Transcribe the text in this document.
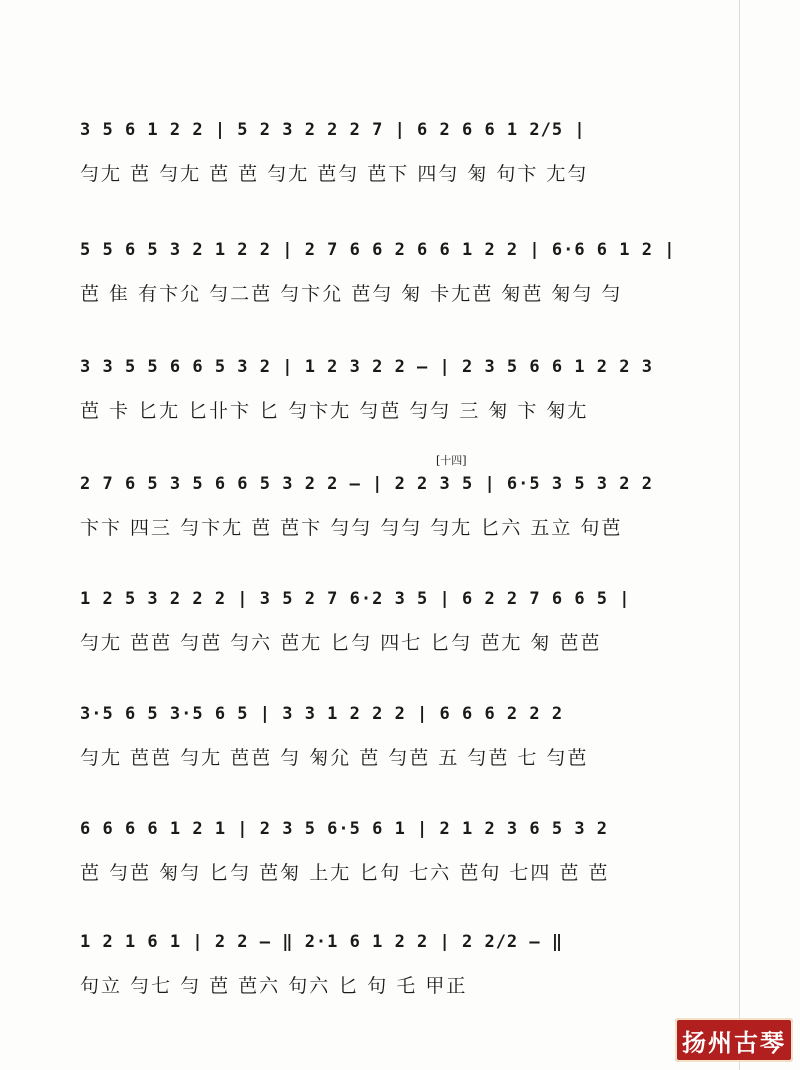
3 5 6 1 2 2 | 5 2 3 2 2 2 7 | 6 2 6 6 1 2/5 |
勻尢 芭 勻尢 芭 芭 勻尢 芭勻 芭下 四勻 匊 句卞 尢勻
5 5 6 5 3 2 1 2 2 | 2 7 6 6 2 6 6 1 2 2 | 6·6 6 1 2 |
芭 隹 有卞尣 勻二芭 勻卞尣 芭勻 匊 卡尢芭 匊芭 匊勻 勻
3 3 5 5 6 6 5 3 2 | 1 2 3 2 2 — | 2 3 5 6 6 1 2 2 3
芭 卡 匕尢 匕卝卞 匕 勻卞尢 勻芭 勻勻 三 匊 卞 匊尢
[十四]
2 7 6 5 3 5 6 6 5 3 2 2 — | 2 2 3 5 | 6·5 3 5 3 2 2
卞卞 四三 勻卞尢 芭 芭卞 勻勻 勻勻 勻尢 匕六 五立 句芭
1 2 5 3 2 2 2 | 3 5 2 7 6·2 3 5 | 6 2 2 7 6 6 5 |
勻尢 芭芭 勻芭 勻六 芭尢 匕勻 四七 匕勻 芭尢 匊 芭芭
3·5 6 5 3·5 6 5 | 3 3 1 2 2 2 | 6 6 6 2 2 2
勻尢 芭芭 勻尢 芭芭 勻 匊尣 芭 勻芭 五 勻芭 七 勻芭
6 6 6 6 1 2 1 | 2 3 5 6·5 6 1 | 2 1 2 3 6 5 3 2
芭 勻芭 匊勻 匕勻 芭匊 上尢 匕句 七六 芭句 七四 芭 芭
1 2 1 6 1 | 2 2 — ‖ 2·1 6 1 2 2 | 2 2/2 — ‖
句立 勻七 勻 芭 芭六 句六 匕 句 乇 甲正
扬州古琴
